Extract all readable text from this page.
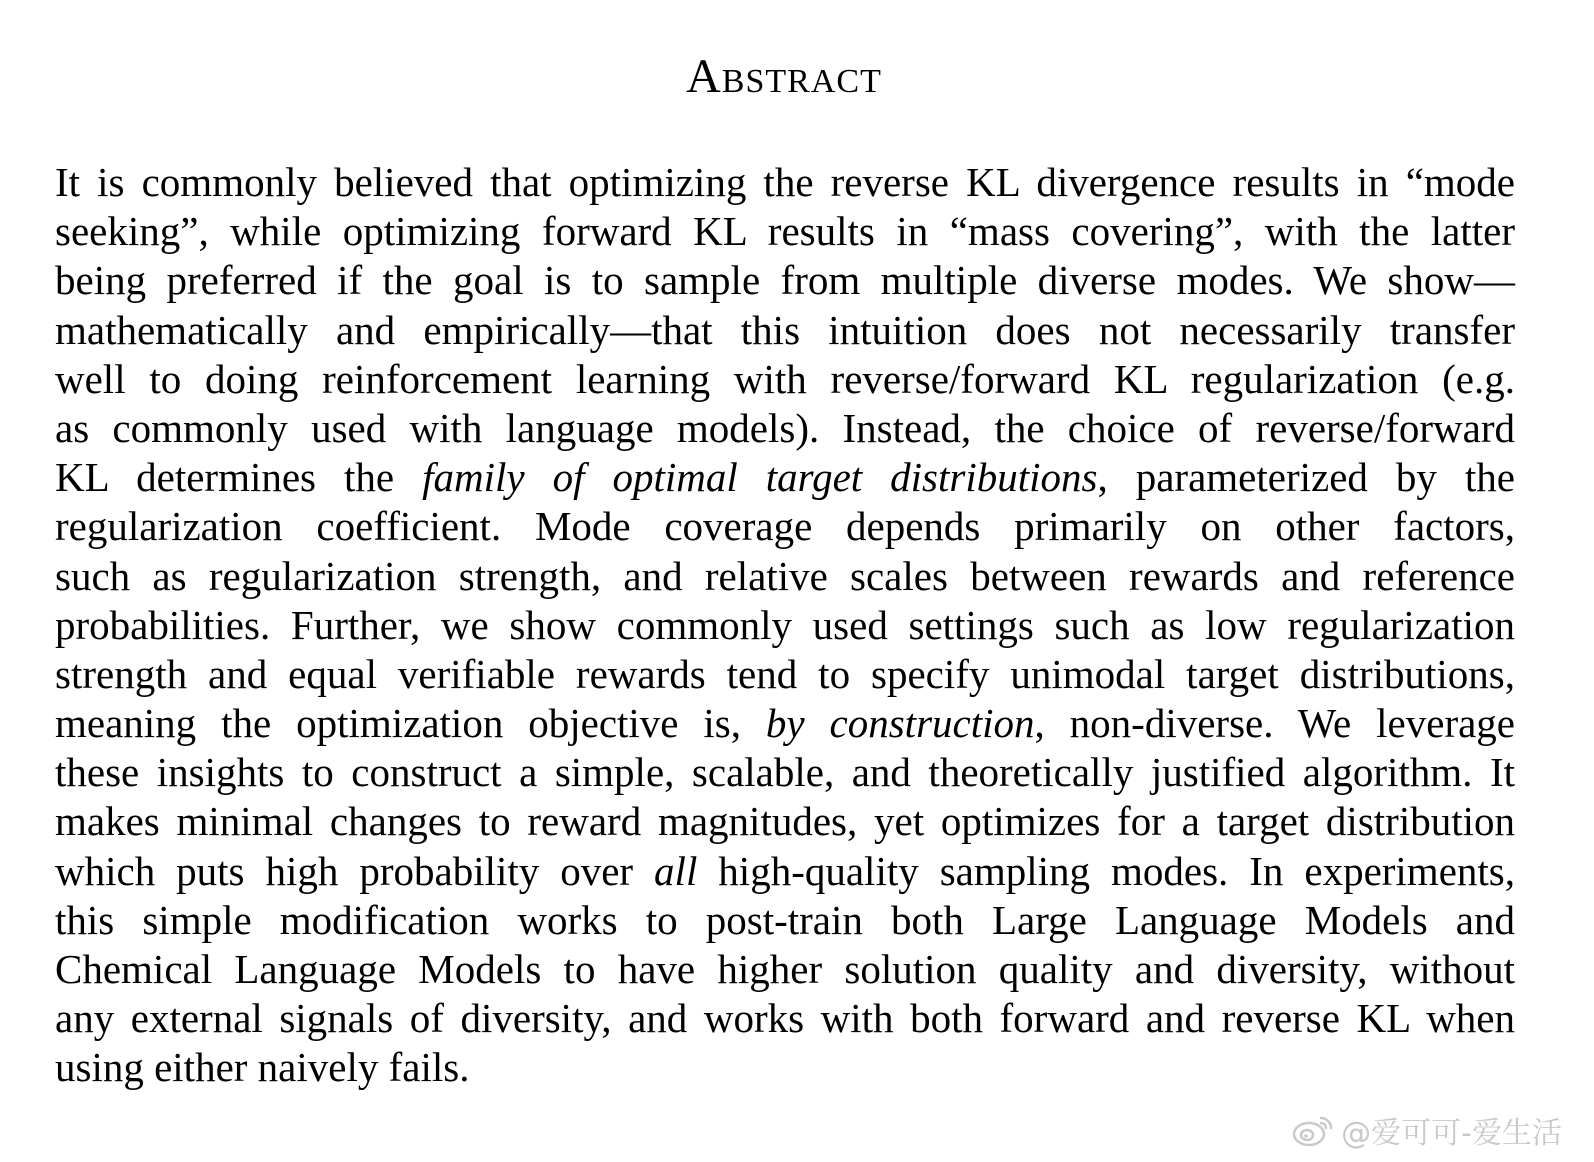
Abstract
It is commonly believed that optimizing the reverse KL divergence results in “mode
seeking”, while optimizing forward KL results in “mass covering”, with the latter
being preferred if the goal is to sample from multiple diverse modes. We show—
mathematically and empirically—that this intuition does not necessarily transfer
well to doing reinforcement learning with reverse/forward KL regularization (e.g.
as commonly used with language models). Instead, the choice of reverse/forward
KL determines the family of optimal target distributions, parameterized by the
regularization coefficient. Mode coverage depends primarily on other factors,
such as regularization strength, and relative scales between rewards and reference
probabilities. Further, we show commonly used settings such as low regularization
strength and equal verifiable rewards tend to specify unimodal target distributions,
meaning the optimization objective is, by construction, non-diverse. We leverage
these insights to construct a simple, scalable, and theoretically justified algorithm. It
makes minimal changes to reward magnitudes, yet optimizes for a target distribution
which puts high probability over all high-quality sampling modes. In experiments,
this simple modification works to post-train both Large Language Models and
Chemical Language Models to have higher solution quality and diversity, without
any external signals of diversity, and works with both forward and reverse KL when
using either naively fails.
@爱可可-爱生活
